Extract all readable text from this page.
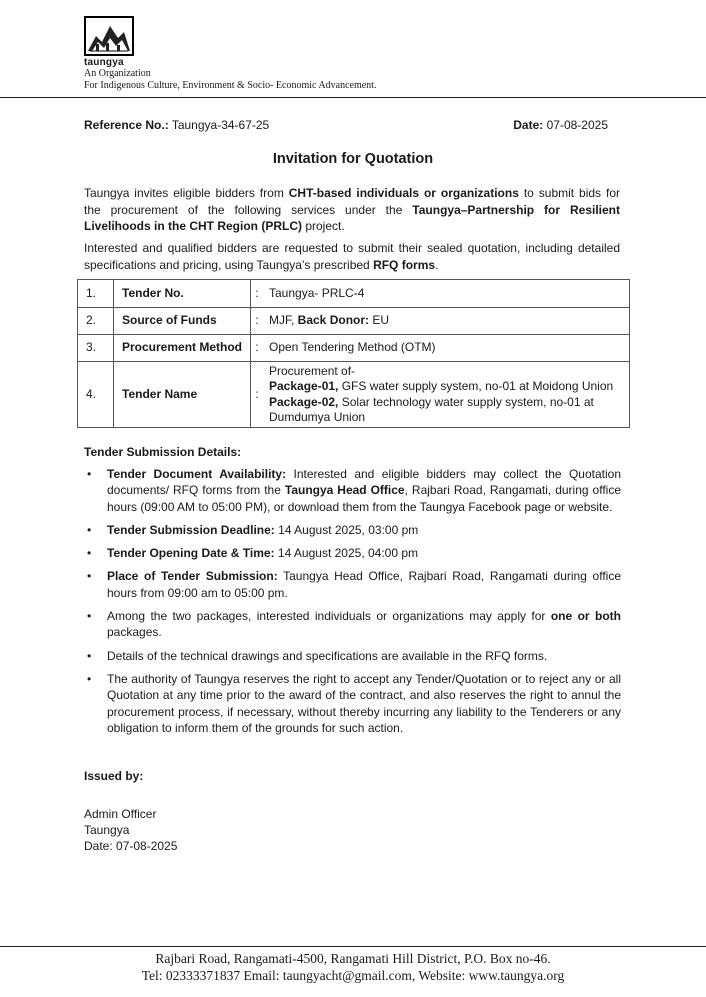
taungya
An Organization
For Indigenous Culture, Environment & Socio- Economic Advancement.
Reference No.: Taungya-34-67-25	Date: 07-08-2025
Invitation for Quotation
Taungya invites eligible bidders from CHT-based individuals or organizations to submit bids for the procurement of the following services under the Taungya–Partnership for Resilient Livelihoods in the CHT Region (PRLC) project.
Interested and qualified bidders are requested to submit their sealed quotation, including detailed specifications and pricing, using Taungya’s prescribed RFQ forms.
1.	Tender No.	:	Taungya- PRLC-4
2.	Source of Funds	:	MJF, Back Donor: EU
3.	Procurement Method	:	Open Tendering Method (OTM)
4.	Tender Name	:	Procurement of-
Package-01, GFS water supply system, no-01 at Moidong Union
Package-02, Solar technology water supply system, no-01 at Dumdumya Union
Tender Submission Details:
• Tender Document Availability: Interested and eligible bidders may collect the Quotation documents/ RFQ forms from the Taungya Head Office, Rajbari Road, Rangamati, during office hours (09:00 AM to 05:00 PM), or download them from the Taungya Facebook page or website.
• Tender Submission Deadline: 14 August 2025, 03:00 pm
• Tender Opening Date & Time: 14 August 2025, 04:00 pm
• Place of Tender Submission: Taungya Head Office, Rajbari Road, Rangamati during office hours from 09:00 am to 05:00 pm.
• Among the two packages, interested individuals or organizations may apply for one or both packages.
• Details of the technical drawings and specifications are available in the RFQ forms.
• The authority of Taungya reserves the right to accept any Tender/Quotation or to reject any or all Quotation at any time prior to the award of the contract, and also reserves the right to annul the procurement process, if necessary, without thereby incurring any liability to the Tenderers or any obligation to inform them of the grounds for such action.
Issued by:
Admin Officer
Taungya
Date: 07-08-2025
Rajbari Road, Rangamati-4500, Rangamati Hill District, P.O. Box no-46.
Tel: 02333371837 Email: taungyacht@gmail.com, Website: www.taungya.org
